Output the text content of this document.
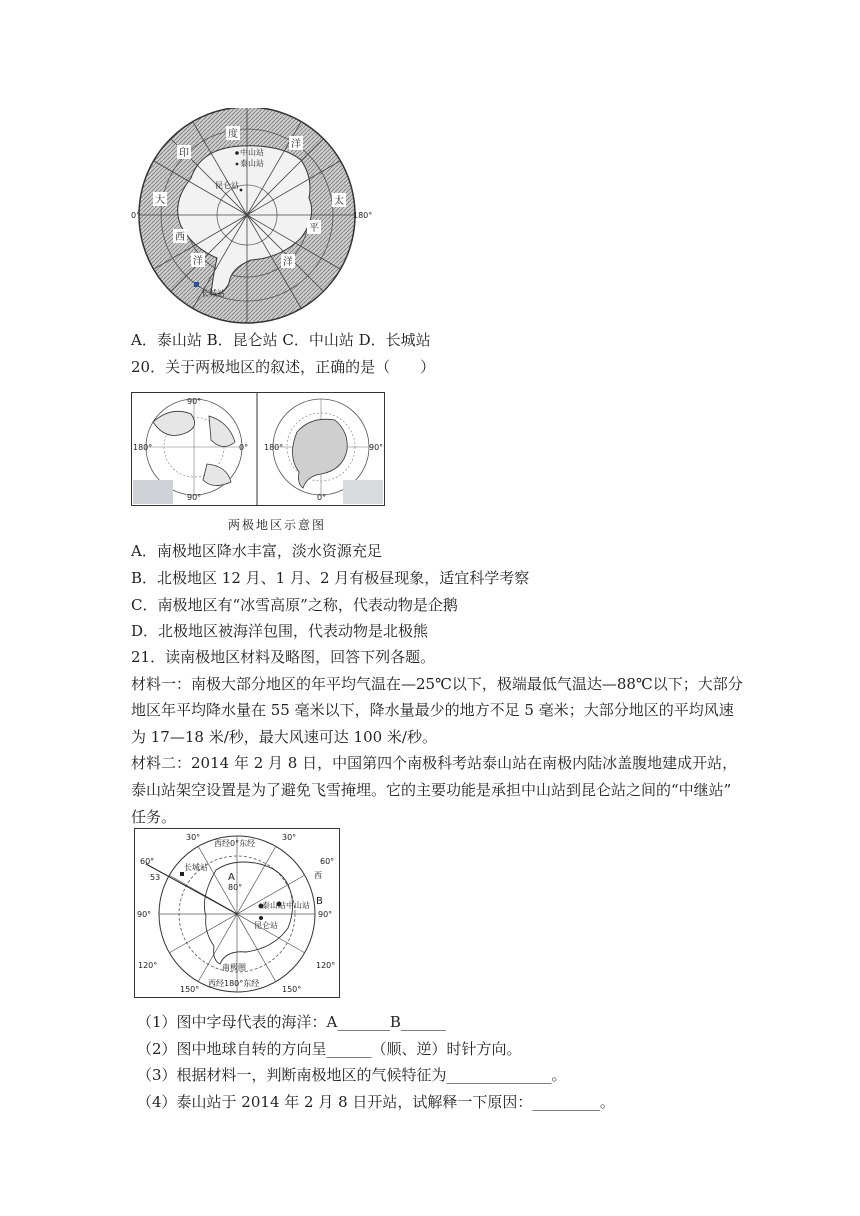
印
度
洋
太
平
洋
大
西
洋
中山站
泰山站
昆仑站
长城站
0°	180°
A．泰山站 B．昆仑站 C．中山站 D．长城站
20．关于两极地区的叙述，正确的是（　　）
90°
180°	0°
90°
180°	90°
0°
两极地区示意图
A．南极地区降水丰富，淡水资源充足
B．北极地区 12 月、1 月、2 月有极昼现象，适宜科学考察
C．南极地区有“冰雪高原”之称，代表动物是企鹅
D．北极地区被海洋包围，代表动物是北极熊
21．读南极地区材料及略图，回答下列各题。
材料一：南极大部分地区的年平均气温在—25℃以下，极端最低气温达—88℃以下；大部分
地区年平均降水量在 55 毫米以下，降水量最少的地方不足 5 毫米；大部分地区的平均风速
为 17—18 米/秒，最大风速可达 100 米/秒。
材料二：2014 年 2 月 8 日，中国第四个南极科考站泰山站在南极内陆冰盖腹地建成开站，
泰山站架空设置是为了避免飞雪掩埋。它的主要功能是承担中山站到昆仑站之间的“中继站”
任务。
西经0°东经
西经180°东经
南极圈
30°	30°
60°	60°
90°	90°
120°	120°
150°	150°
80°
53	A
B
西
长城站
中山站
泰山站
昆仑站
（1）图中字母代表的海洋：A_______B______
（2）图中地球自转的方向呈______（顺、逆）时针方向。
（3）根据材料一，判断南极地区的气候特征为______________。
（4）泰山站于 2014 年 2 月 8 日开站，试解释一下原因：_________。
